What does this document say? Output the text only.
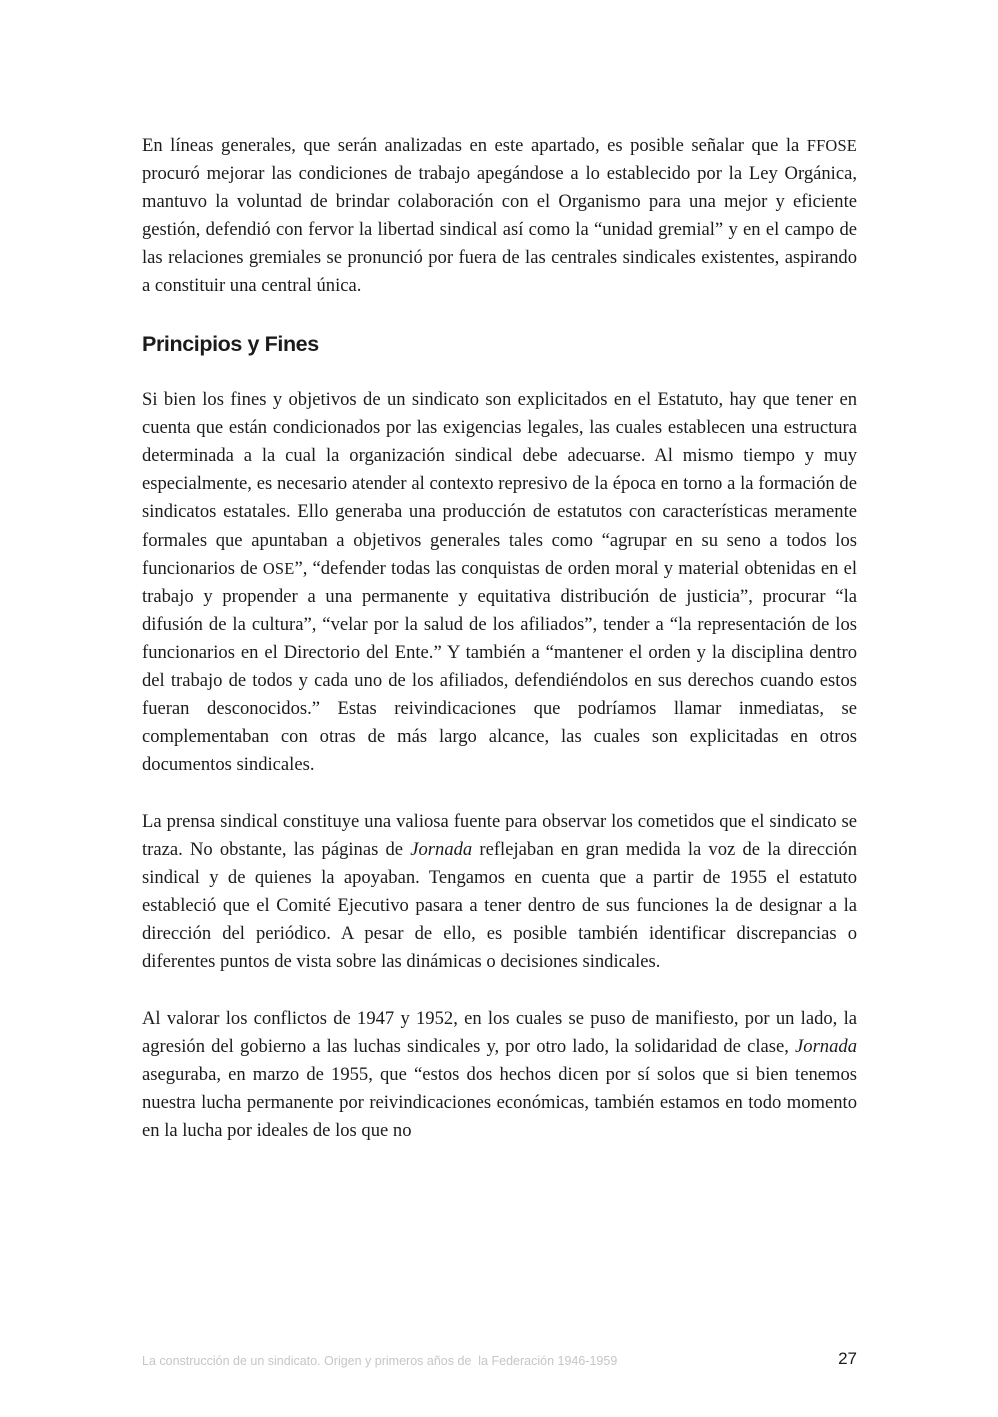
En líneas generales, que serán analizadas en este apartado, es posible señalar que la FFOSE procuró mejorar las condiciones de trabajo apegándose a lo establecido por la Ley Orgánica, mantuvo la voluntad de brindar colaboración con el Organismo para una mejor y eficiente gestión, defendió con fervor la libertad sindical así como la “unidad gremial” y en el campo de las relaciones gremiales se pronunció por fuera de las centrales sindicales existentes, aspirando a constituir una central única.

Principios y Fines

Si bien los fines y objetivos de un sindicato son explicitados en el Estatuto, hay que tener en cuenta que están condicionados por las exigencias legales, las cuales establecen una estructura determinada a la cual la organización sindical debe adecuarse. Al mismo tiempo y muy especialmente, es necesario atender al contexto represivo de la época en torno a la formación de sindicatos estatales. Ello generaba una producción de estatutos con características meramente formales que apuntaban a objetivos generales tales como “agrupar en su seno a todos los funcionarios de OSE”, “defender todas las conquistas de orden moral y material obtenidas en el trabajo y propender a una permanente y equitativa distribución de justicia”, procurar “la difusión de la cultura”, “velar por la salud de los afiliados”, tender a “la representación de los funcionarios en el Directorio del Ente.” Y también a “mantener el orden y la disciplina dentro del trabajo de todos y cada uno de los afiliados, defendiéndolos en sus derechos cuando estos fueran desconocidos.” Estas reivindicaciones que podríamos llamar inmediatas, se complementaban con otras de más largo alcance, las cuales son explicitadas en otros documentos sindicales.

La prensa sindical constituye una valiosa fuente para observar los cometidos que el sindicato se traza. No obstante, las páginas de Jornada reflejaban en gran medida la voz de la dirección sindical y de quienes la apoyaban. Tengamos en cuenta que a partir de 1955 el estatuto estableció que el Comité Ejecutivo pasara a tener dentro de sus funciones la de designar a la dirección del periódico. A pesar de ello, es posible también identificar discrepancias o diferentes puntos de vista sobre las dinámicas o decisiones sindicales.

Al valorar los conflictos de 1947 y 1952, en los cuales se puso de manifiesto, por un lado, la agresión del gobierno a las luchas sindicales y, por otro lado, la solidaridad de clase, Jornada aseguraba, en marzo de 1955, que “estos dos hechos dicen por sí solos que si bien tenemos nuestra lucha permanente por reivindicaciones económicas, también estamos en todo momento en la lucha por ideales de los que no

La construcción de un sindicato. Origen y primeros años de  la Federación 1946-1959	27
